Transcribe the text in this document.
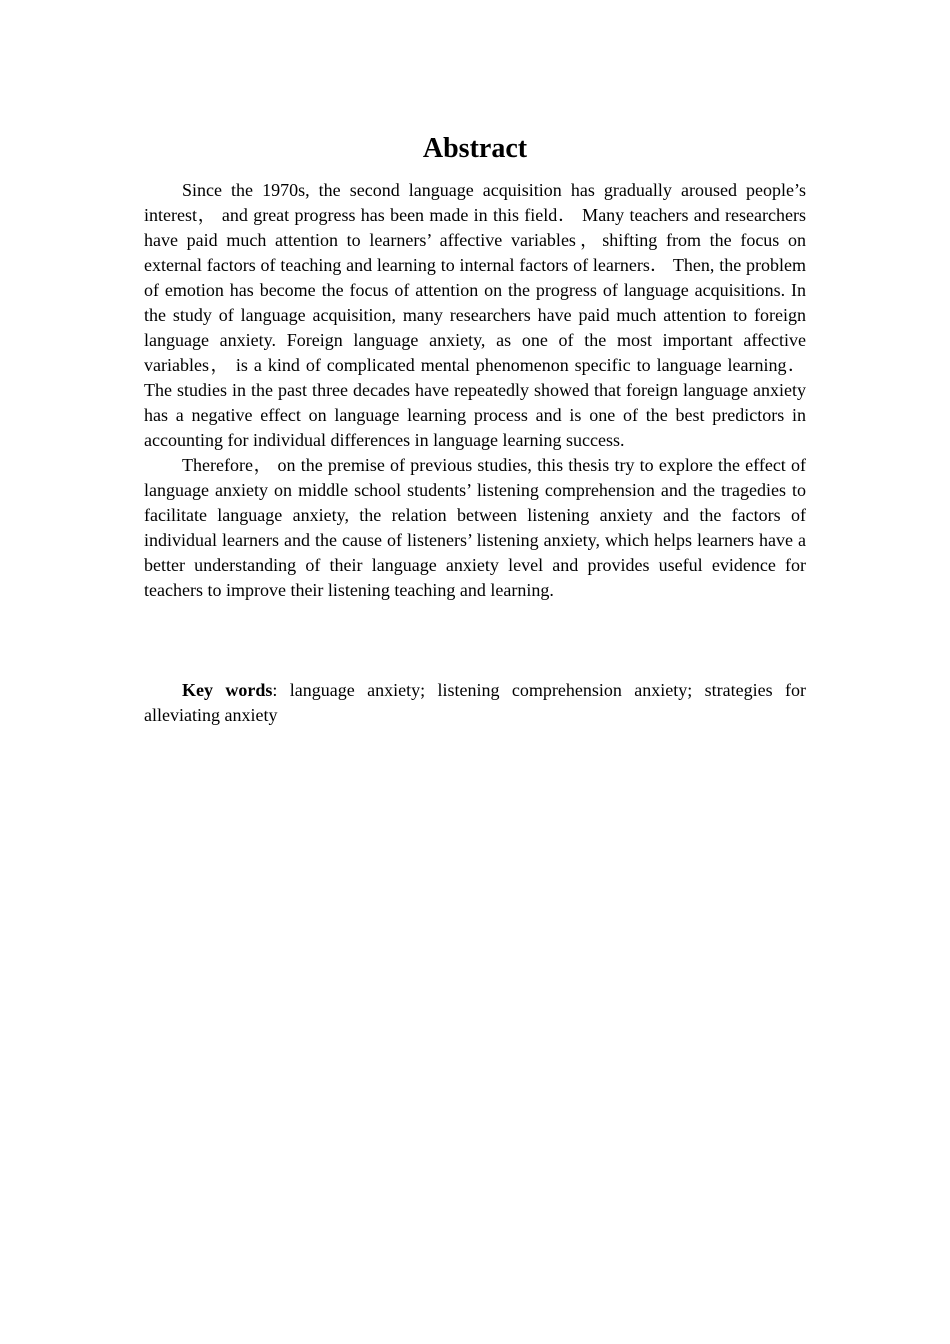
Abstract

Since the 1970s, the second language acquisition has gradually aroused people’s interest， and great progress has been made in this field． Many teachers and researchers have paid much attention to learners’ affective variables，shifting from the focus on external factors of teaching and learning to internal factors of learners． Then, the problem of emotion has become the focus of attention on the progress of language acquisitions. In the study of language acquisition, many researchers have paid much attention to foreign language anxiety. Foreign language anxiety, as one of the most important affective variables， is a kind of complicated mental phenomenon specific to language learning． The studies in the past three decades have repeatedly showed that foreign language anxiety has a negative effect on language learning process and is one of the best predictors in accounting for individual differences in language learning success.

Therefore， on the premise of previous studies, this thesis try to explore the effect of language anxiety on middle school students’ listening comprehension and the tragedies to facilitate language anxiety, the relation between listening anxiety and the factors of individual learners and the cause of listeners’ listening anxiety, which helps learners have a better understanding of their language anxiety level and provides useful evidence for teachers to improve their listening teaching and learning.

Key words: language anxiety; listening comprehension anxiety; strategies for alleviating anxiety
